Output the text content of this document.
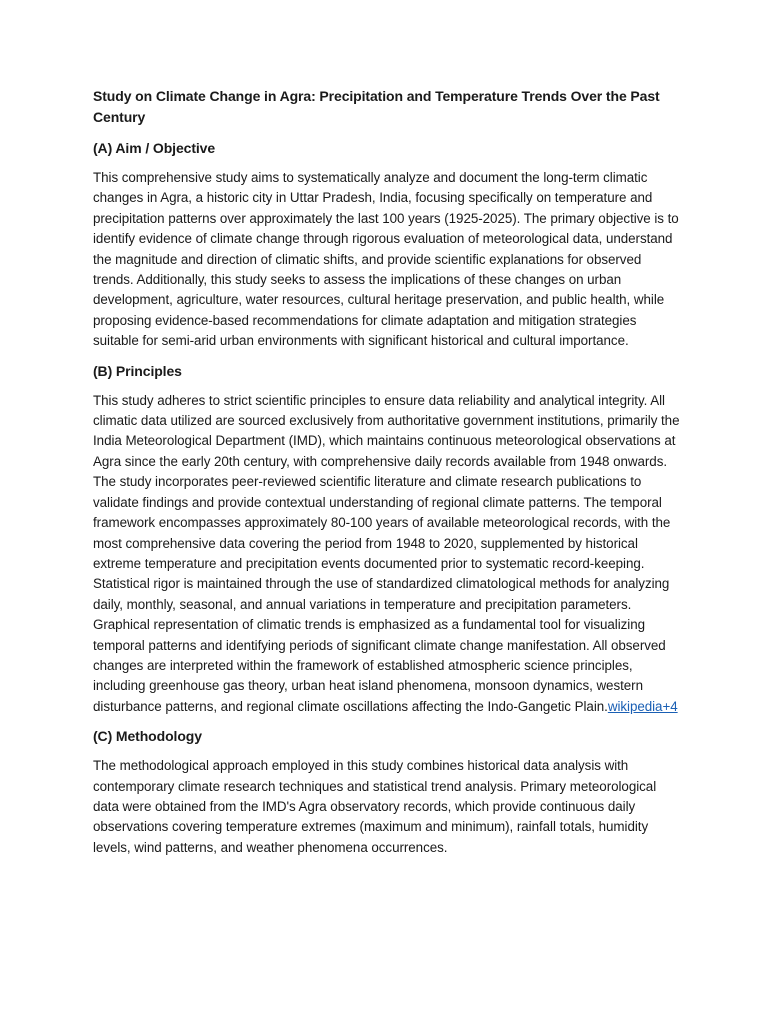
Study on Climate Change in Agra: Precipitation and Temperature Trends Over the Past Century
(A) Aim / Objective
This comprehensive study aims to systematically analyze and document the long-term climatic changes in Agra, a historic city in Uttar Pradesh, India, focusing specifically on temperature and precipitation patterns over approximately the last 100 years (1925-2025). The primary objective is to identify evidence of climate change through rigorous evaluation of meteorological data, understand the magnitude and direction of climatic shifts, and provide scientific explanations for observed trends. Additionally, this study seeks to assess the implications of these changes on urban development, agriculture, water resources, cultural heritage preservation, and public health, while proposing evidence-based recommendations for climate adaptation and mitigation strategies suitable for semi-arid urban environments with significant historical and cultural importance.
(B) Principles
This study adheres to strict scientific principles to ensure data reliability and analytical integrity. All climatic data utilized are sourced exclusively from authoritative government institutions, primarily the India Meteorological Department (IMD), which maintains continuous meteorological observations at Agra since the early 20th century, with comprehensive daily records available from 1948 onwards. The study incorporates peer-reviewed scientific literature and climate research publications to validate findings and provide contextual understanding of regional climate patterns. The temporal framework encompasses approximately 80-100 years of available meteorological records, with the most comprehensive data covering the period from 1948 to 2020, supplemented by historical extreme temperature and precipitation events documented prior to systematic record-keeping. Statistical rigor is maintained through the use of standardized climatological methods for analyzing daily, monthly, seasonal, and annual variations in temperature and precipitation parameters. Graphical representation of climatic trends is emphasized as a fundamental tool for visualizing temporal patterns and identifying periods of significant climate change manifestation. All observed changes are interpreted within the framework of established atmospheric science principles, including greenhouse gas theory, urban heat island phenomena, monsoon dynamics, western disturbance patterns, and regional climate oscillations affecting the Indo-Gangetic Plain.wikipedia+4
(C) Methodology
The methodological approach employed in this study combines historical data analysis with contemporary climate research techniques and statistical trend analysis. Primary meteorological data were obtained from the IMD's Agra observatory records, which provide continuous daily observations covering temperature extremes (maximum and minimum), rainfall totals, humidity levels, wind patterns, and weather phenomena occurrences.
